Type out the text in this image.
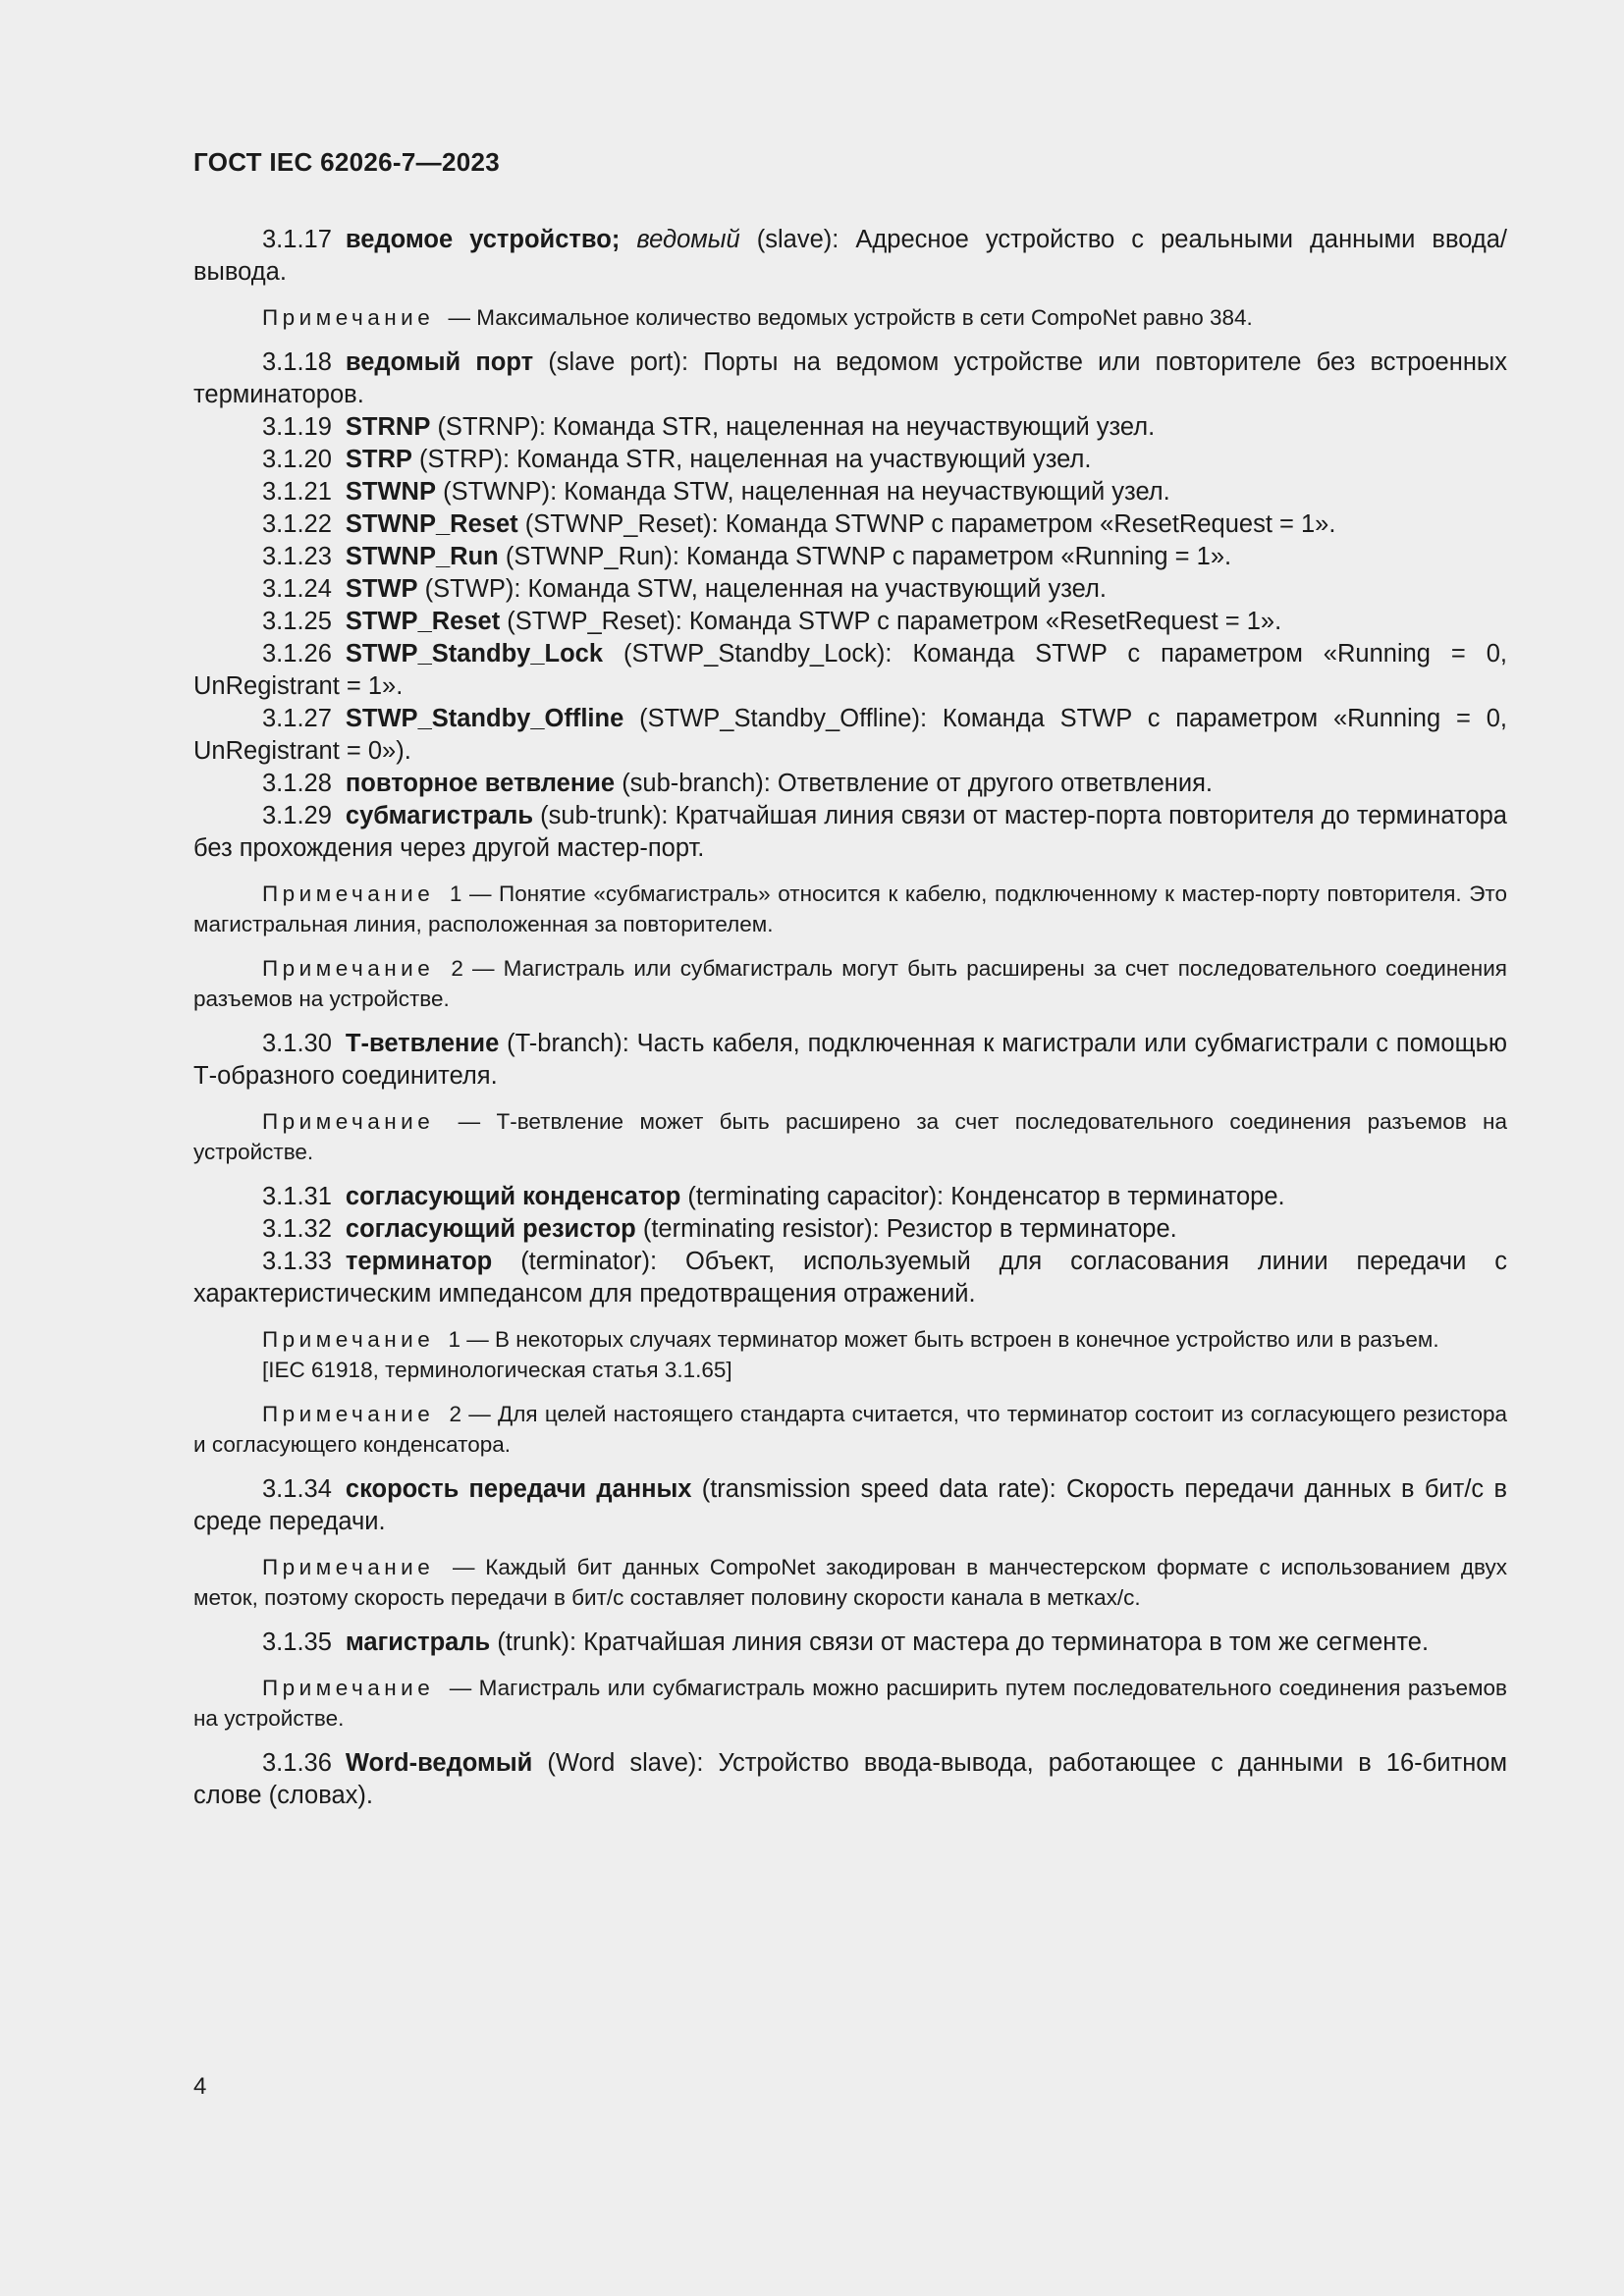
ГОСТ IEC 62026-7—2023

3.1.17 ведомое устройство; ведомый (slave): Адресное устройство с реальными данными ввода/вывода.

Примечание — Максимальное количество ведомых устройств в сети CompoNet равно 384.

3.1.18 ведомый порт (slave port): Порты на ведомом устройстве или повторителе без встроенных терминаторов.

3.1.19 STRNP (STRNP): Команда STR, нацеленная на неучаствующий узел.

3.1.20 STRP (STRP): Команда STR, нацеленная на участвующий узел.

3.1.21 STWNP (STWNP): Команда STW, нацеленная на неучаствующий узел.

3.1.22 STWNP_Reset (STWNP_Reset): Команда STWNP с параметром «ResetRequest = 1».

3.1.23 STWNP_Run (STWNP_Run): Команда STWNP с параметром «Running = 1».

3.1.24 STWP (STWP): Команда STW, нацеленная на участвующий узел.

3.1.25 STWP_Reset (STWP_Reset): Команда STWP с параметром «ResetRequest = 1».

3.1.26 STWP_Standby_Lock (STWP_Standby_Lock): Команда STWP с параметром «Running = 0, UnRegistrant = 1».

3.1.27 STWP_Standby_Offline (STWP_Standby_Offline): Команда STWP с параметром «Running = 0, UnRegistrant = 0»).

3.1.28 повторное ветвление (sub-branch): Ответвление от другого ответвления.

3.1.29 субмагистраль (sub-trunk): Кратчайшая линия связи от мастер-порта повторителя до терминатора без прохождения через другой мастер-порт.

Примечание 1 — Понятие «субмагистраль» относится к кабелю, подключенному к мастер-порту повторителя. Это магистральная линия, расположенная за повторителем.

Примечание 2 — Магистраль или субмагистраль могут быть расширены за счет последовательного соединения разъемов на устройстве.

3.1.30 Т-ветвление (T-branch): Часть кабеля, подключенная к магистрали или субмагистрали с помощью Т-образного соединителя.

Примечание — Т-ветвление может быть расширено за счет последовательного соединения разъемов на устройстве.

3.1.31 согласующий конденсатор (terminating capacitor): Конденсатор в терминаторе.

3.1.32 согласующий резистор (terminating resistor): Резистор в терминаторе.

3.1.33 терминатор (terminator): Объект, используемый для согласования линии передачи с характеристическим импедансом для предотвращения отражений.

Примечание 1 — В некоторых случаях терминатор может быть встроен в конечное устройство или в разъем.

[IEC 61918, терминологическая статья 3.1.65]

Примечание 2 — Для целей настоящего стандарта считается, что терминатор состоит из согласующего резистора и согласующего конденсатора.

3.1.34 скорость передачи данных (transmission speed data rate): Скорость передачи данных в бит/с в среде передачи.

Примечание — Каждый бит данных CompoNet закодирован в манчестерском формате с использованием двух меток, поэтому скорость передачи в бит/с составляет половину скорости канала в метках/с.

3.1.35 магистраль (trunk): Кратчайшая линия связи от мастера до терминатора в том же сегменте.

Примечание — Магистраль или субмагистраль можно расширить путем последовательного соединения разъемов на устройстве.

3.1.36 Word-ведомый (Word slave): Устройство ввода-вывода, работающее с данными в 16-битном слове (словах).

4
